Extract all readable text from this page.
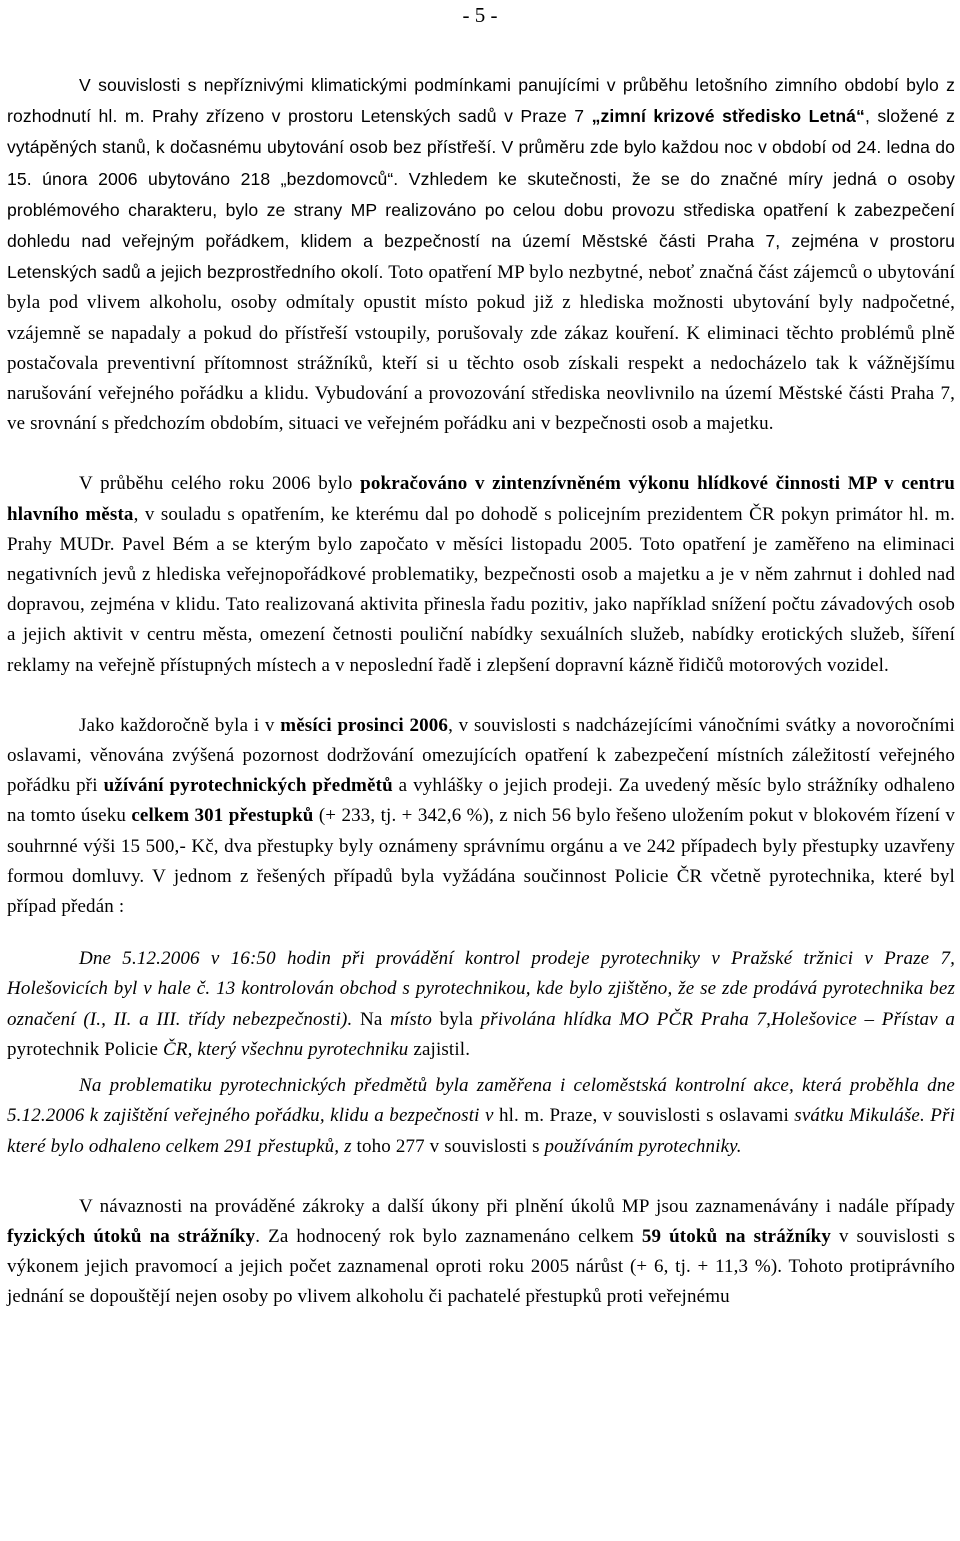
- 5 -

V souvislosti s nepříznivými klimatickými podmínkami panujícími v průběhu letošního zimního období bylo z rozhodnutí hl. m. Prahy zřízeno v prostoru Letenských sadů v Praze 7 „zimní krizové středisko Letná“, složené z vytápěných stanů, k dočasnému ubytování osob bez přístřeší. V průměru zde bylo každou noc v období od 24. ledna do 15. února 2006 ubytováno 218 „bezdomovců“. Vzhledem ke skutečnosti, že se do značné míry jedná o osoby problémového charakteru, bylo ze strany MP realizováno po celou dobu provozu střediska opatření k zabezpečení dohledu nad veřejným pořádkem, klidem a bezpečností na území Městské části Praha 7, zejména v prostoru Letenských sadů a jejich bezprostředního okolí. Toto opatření MP bylo nezbytné, neboť značná část zájemců o ubytování byla pod vlivem alkoholu, osoby odmítaly opustit místo pokud již z hlediska možnosti ubytování byly nadpočetné, vzájemně se napadaly a pokud do přístřeší vstoupily, porušovaly zde zákaz kouření. K eliminaci těchto problémů plně postačovala preventivní přítomnost strážníků, kteří si u těchto osob získali respekt a nedocházelo tak k vážnějšímu narušování veřejného pořádku a klidu. Vybudování a provozování střediska neovlivnilo na území Městské části Praha 7, ve srovnání s předchozím obdobím, situaci ve veřejném pořádku ani v bezpečnosti osob a majetku.

V průběhu celého roku 2006 bylo pokračováno v zintenzívněném výkonu hlídkové činnosti MP v centru hlavního města, v souladu s opatřením, ke kterému dal po dohodě s policejním prezidentem ČR pokyn primátor hl. m. Prahy MUDr. Pavel Bém a se kterým bylo započato v měsíci listopadu 2005. Toto opatření je zaměřeno na eliminaci negativních jevů z hlediska veřejnopořádkové problematiky, bezpečnosti osob a majetku a je v něm zahrnut i dohled nad dopravou, zejména v klidu. Tato realizovaná aktivita přinesla řadu pozitiv, jako například snížení počtu závadových osob a jejich aktivit v centru města, omezení četnosti pouliční nabídky sexuálních služeb, nabídky erotických služeb, šíření reklamy na veřejně přístupných místech a v neposlední řadě i zlepšení dopravní kázně řidičů motorových vozidel.

Jako každoročně byla i v měsíci prosinci 2006, v souvislosti s nadcházejícími vánočními svátky a novoročními oslavami, věnována zvýšená pozornost dodržování omezujících opatření k zabezpečení místních záležitostí veřejného pořádku při užívání pyrotechnických předmětů a vyhlášky o jejich prodeji. Za uvedený měsíc bylo strážníky odhaleno na tomto úseku celkem 301 přestupků (+ 233, tj. + 342,6 %), z nich 56 bylo řešeno uložením pokut v blokovém řízení v souhrnné výši 15 500,- Kč, dva přestupky byly oznámeny správnímu orgánu a ve 242 případech byly přestupky uzavřeny formou domluvy. V jednom z řešených případů byla vyžádána součinnost Policie ČR včetně pyrotechnika, které byl případ předán :

Dne 5.12.2006 v 16:50 hodin při provádění kontrol prodeje pyrotechniky v Pražské tržnici v Praze 7, Holešovicích byl v hale č. 13 kontrolován obchod s pyrotechnikou, kde bylo zjištěno, že se zde prodává pyrotechnika bez označení (I., II. a III. třídy nebezpečnosti). Na místo byla přivolána hlídka MO PČR Praha 7,Holešovice – Přístav a pyrotechnik Policie ČR, který všechnu pyrotechniku zajistil.

Na problematiku pyrotechnických předmětů byla zaměřena i celoměstská kontrolní akce, která proběhla dne 5.12.2006 k zajištění veřejného pořádku, klidu a bezpečnosti v hl. m. Praze, v souvislosti s oslavami svátku Mikuláše. Při které bylo odhaleno celkem 291 přestupků, z toho 277 v souvislosti s používáním pyrotechniky.

V návaznosti na prováděné zákroky a další úkony při plnění úkolů MP jsou zaznamenávány i nadále případy fyzických útoků na strážníky. Za hodnocený rok bylo zaznamenáno celkem 59 útoků na strážníky v souvislosti s výkonem jejich pravomocí a jejich počet zaznamenal oproti roku 2005 nárůst (+ 6, tj. + 11,3 %). Tohoto protiprávního jednání se dopouštějí nejen osoby po vlivem alkoholu či pachatelé přestupků proti veřejnému
